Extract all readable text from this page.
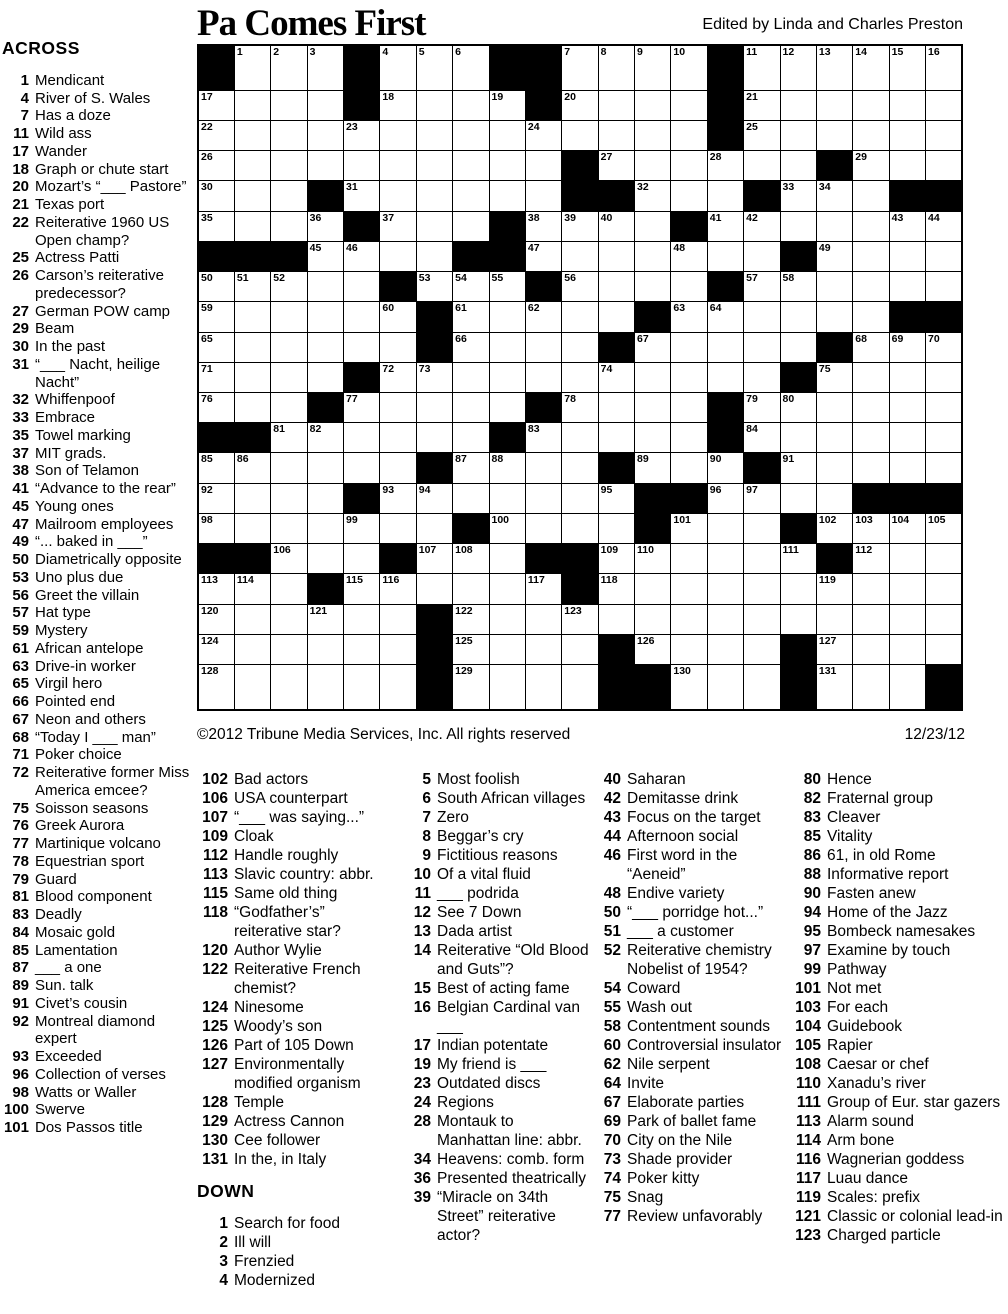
Pa Comes First	Edited by Linda and Charles Preston
ACROSS
1 Mendicant
4 River of S. Wales
7 Has a doze
11 Wild ass
17 Wander
18 Graph or chute start
20 Mozart’s “___ Pastore”
21 Texas port
22 Reiterative 1960 US Open champ?
25 Actress Patti
26 Carson’s reiterative predecessor?
27 German POW camp
29 Beam
30 In the past
31 “___ Nacht, heilige Nacht”
32 Whiffenpoof
33 Embrace
35 Towel marking
37 MIT grads.
38 Son of Telamon
41 “Advance to the rear”
45 Young ones
47 Mailroom employees
49 “... baked in ___”
50 Diametrically opposite
53 Uno plus due
56 Greet the villain
57 Hat type
59 Mystery
61 African antelope
63 Drive-in worker
65 Virgil hero
66 Pointed end
67 Neon and others
68 “Today I ___ man”
71 Poker choice
72 Reiterative former Miss America emcee?
75 Soisson seasons
76 Greek Aurora
77 Martinique volcano
78 Equestrian sport
79 Guard
81 Blood component
83 Deadly
84 Mosaic gold
85 Lamentation
87 ___ a one
89 Sun. talk
91 Civet’s cousin
92 Montreal diamond expert
93 Exceeded
96 Collection of verses
98 Watts or Waller
100 Swerve
101 Dos Passos title

	1	2	3		4	5	6			7	8	9	10		11	12	13	14	15	16

17					18			19		20					21					

22				23					24						25					

26											27			28				29		

30				31								32				33	34			

35			36		37				38	39	40			41	42				43	44

			45	46					47				48				49			

50	51	52				53	54	55		56					57	58				

59					60		61		62				63	64						

65							66					67						68	69	70

71					72	73					74						75			

76				77						78					79	80				

		81	82						83						84					

85	86						87	88				89		90		91				

92					93	94					95			96	97					

98				99				100					101				102	103	104	105

		106				107	108				109	110				111		112		

113	114			115	116				117		118						119			

120			121				122			123										

124							125					126					127			

128							129						130				131			

©2012 Tribune Media Services, Inc. All rights reserved	12/23/12
102 Bad actors
106 USA counterpart
107 “___ was saying...”
109 Cloak
112 Handle roughly
113 Slavic country: abbr.
115 Same old thing
118 “Godfather’s” reiterative star?
120 Author Wylie
122 Reiterative French chemist?
124 Ninesome
125 Woody’s son
126 Part of 105 Down
127 Environmentally modified organism
128 Temple
129 Actress Cannon
130 Cee follower
131 In the, in Italy
DOWN
1 Search for food
2 Ill will
3 Frenzied
4 Modernized
5 Most foolish
6 South African villages
7 Zero
8 Beggar’s cry
9 Fictitious reasons
10 Of a vital fluid
11 ___ podrida
12 See 7 Down
13 Dada artist
14 Reiterative “Old Blood and Guts”?
15 Best of acting fame
16 Belgian Cardinal van ___
17 Indian potentate
19 My friend is ___
23 Outdated discs
24 Regions
28 Montauk to Manhattan line: abbr.
34 Heavens: comb. form
36 Presented theatrically
39 “Miracle on 34th Street” reiterative actor?
40 Saharan
42 Demitasse drink
43 Focus on the target
44 Afternoon social
46 First word in the “Aeneid”
48 Endive variety
50 “___ porridge hot...”
51 ___ a customer
52 Reiterative chemistry Nobelist of 1954?
54 Coward
55 Wash out
58 Contentment sounds
60 Controversial insulator
62 Nile serpent
64 Invite
67 Elaborate parties
69 Park of ballet fame
70 City on the Nile
73 Shade provider
74 Poker kitty
75 Snag
77 Review unfavorably
80 Hence
82 Fraternal group
83 Cleaver
85 Vitality
86 61, in old Rome
88 Informative report
90 Fasten anew
94 Home of the Jazz
95 Bombeck namesakes
97 Examine by touch
99 Pathway
101 Not met
103 For each
104 Guidebook
105 Rapier
108 Caesar or chef
110 Xanadu’s river
111 Group of Eur. star gazers
113 Alarm sound
114 Arm bone
116 Wagnerian goddess
117 Luau dance
119 Scales: prefix
121 Classic or colonial lead-in
123 Charged particle
